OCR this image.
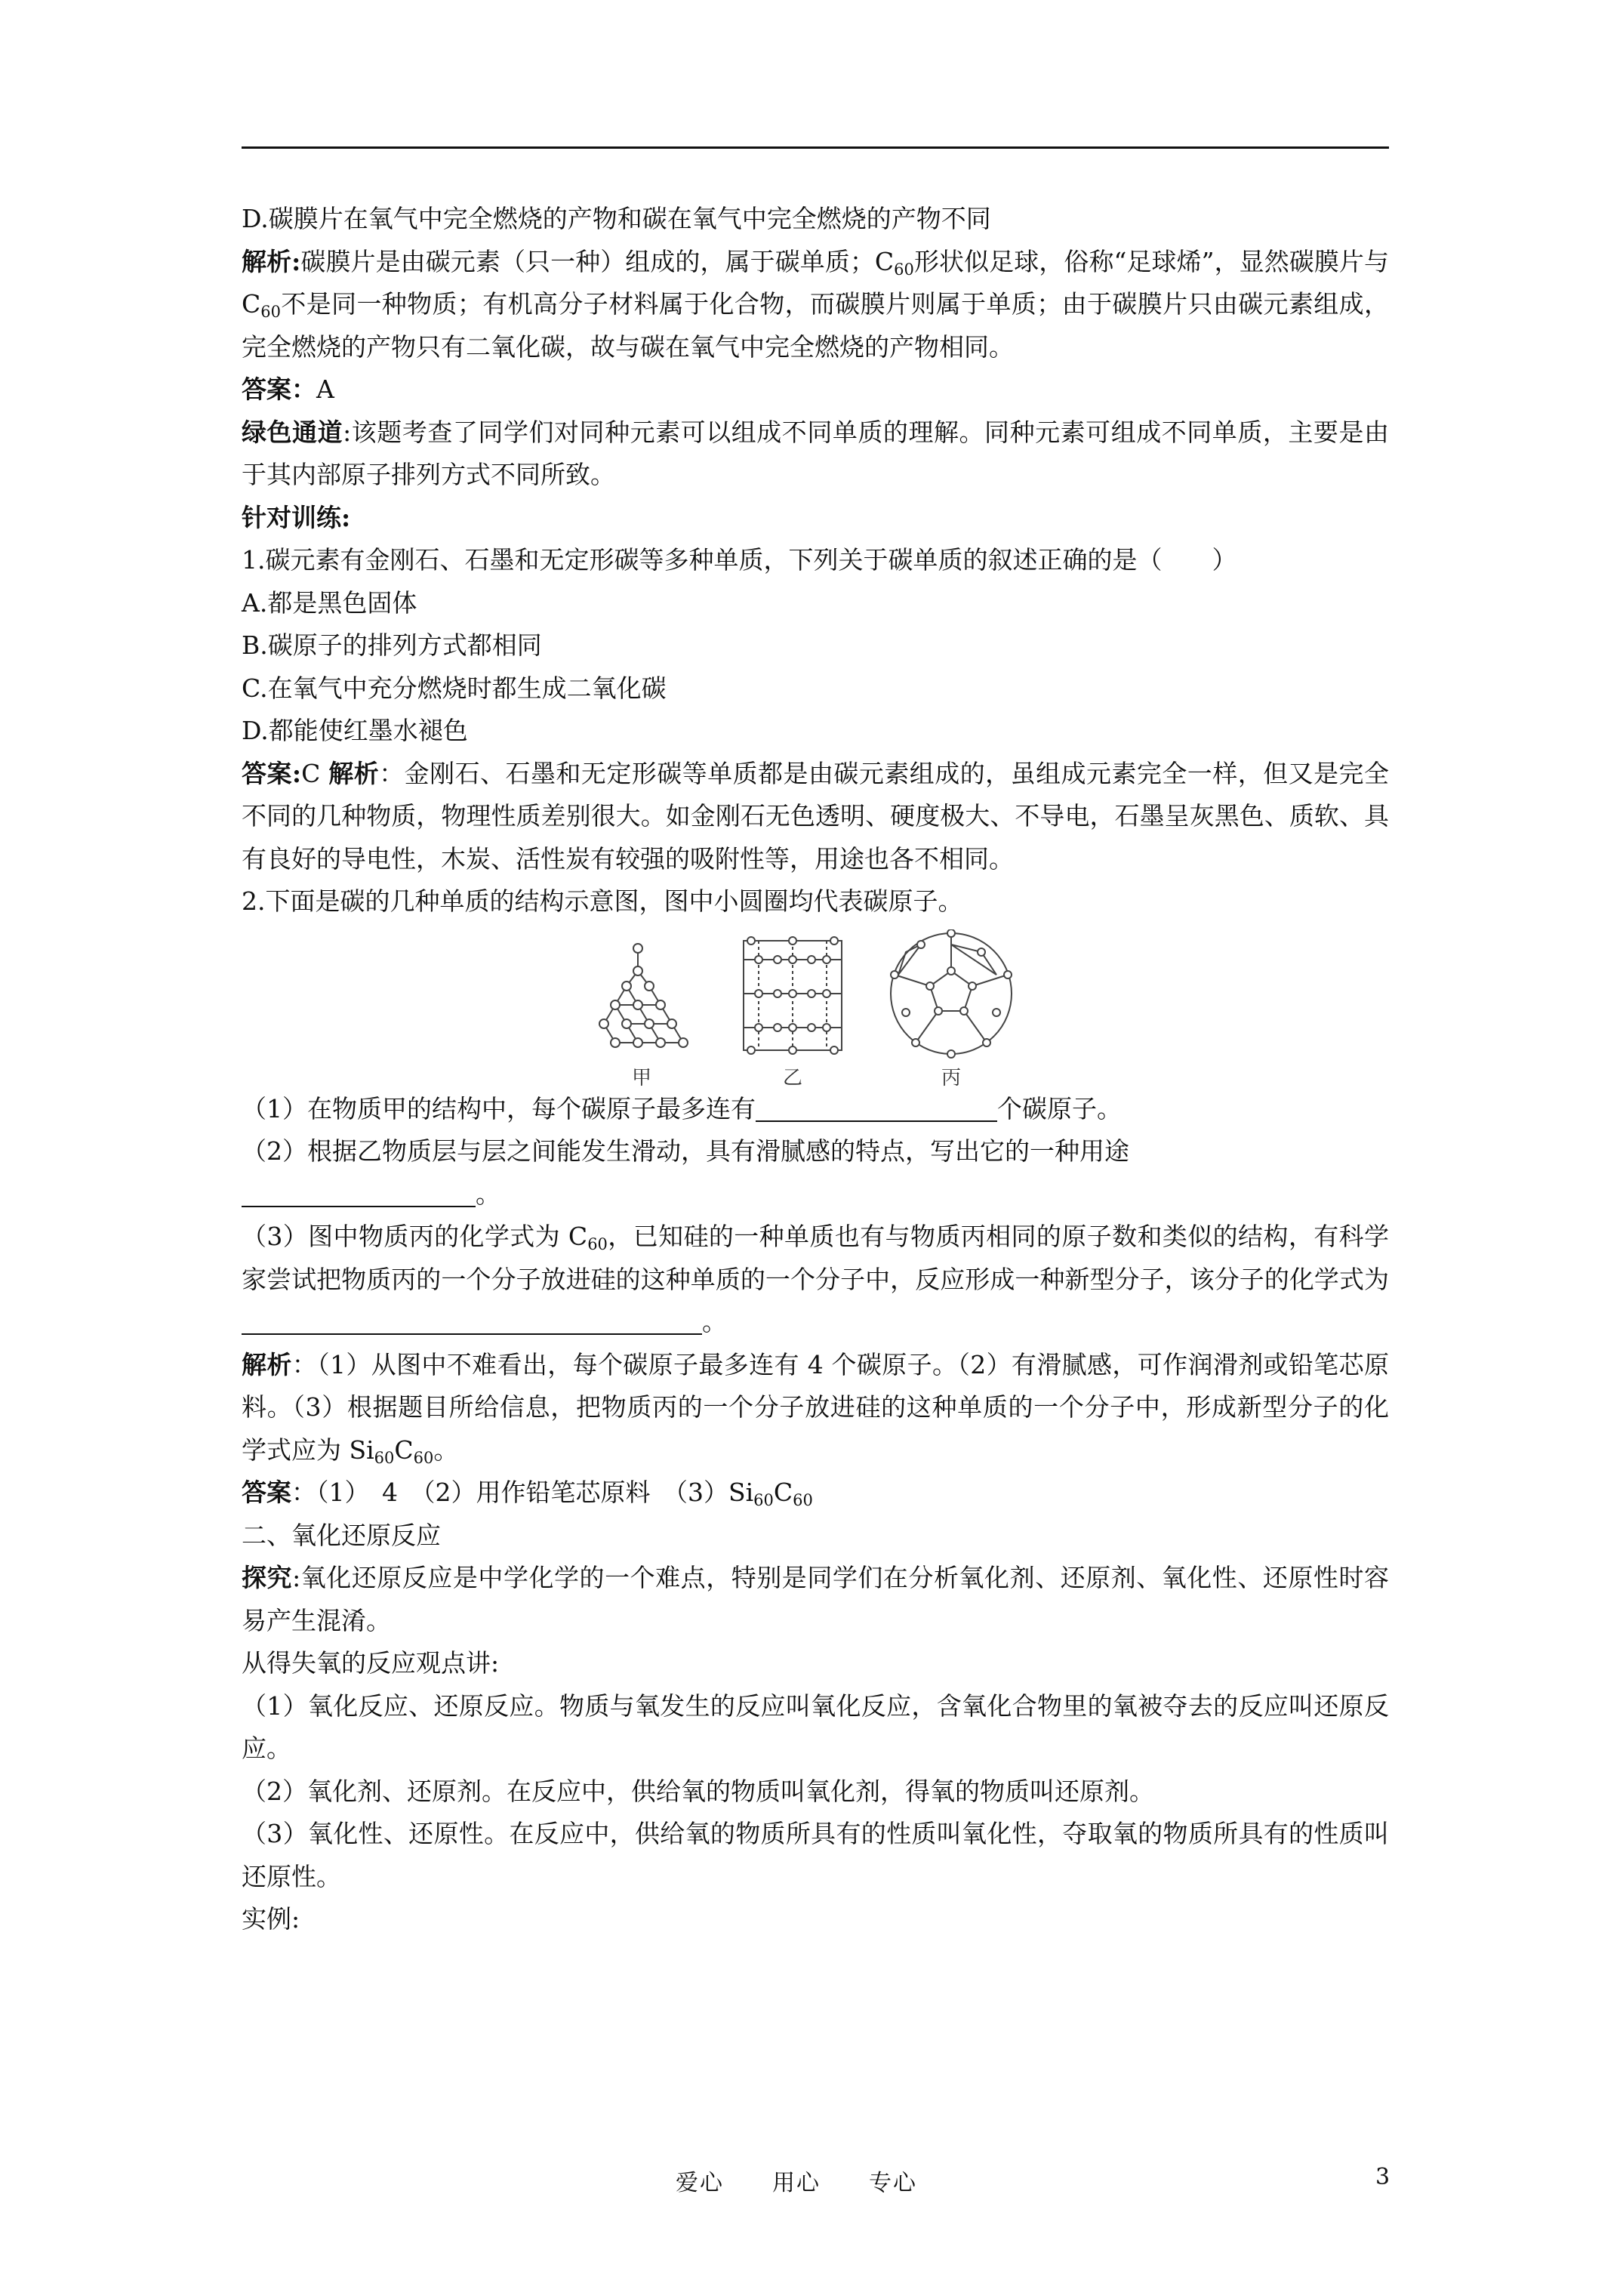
D.碳膜片在氧气中完全燃烧的产物和碳在氧气中完全燃烧的产物不同

解析:碳膜片是由碳元素（只一种）组成的，属于碳单质；$C_{60}$形状似足球，俗称“足球烯”，显然碳膜片与 $C_{60}$不是同一种物质；有机高分子材料属于化合物，而碳膜片则属于单质；由于碳膜片只由碳元素组成，完全燃烧的产物只有二氧化碳，故与碳在氧气中完全燃烧的产物相同。

答案：A

绿色通道:该题考查了同学们对同种元素可以组成不同单质的理解。同种元素可组成不同单质，主要是由于其内部原子排列方式不同所致。

针对训练:

1.碳元素有金刚石、石墨和无定形碳等多种单质，下列关于碳单质的叙述正确的是（　　）

A.都是黑色固体

B.碳原子的排列方式都相同

C.在氧气中充分燃烧时都生成二氧化碳

D.都能使红墨水褪色

答案:C 解析：金刚石、石墨和无定形碳等单质都是由碳元素组成的，虽组成元素完全一样，但又是完全不同的几种物质，物理性质差别很大。如金刚石无色透明、硬度极大、不导电，石墨呈灰黑色、质软、具有良好的导电性，木炭、活性炭有较强的吸附性等，用途也各不相同。

2.下面是碳的几种单质的结构示意图，图中小圆圈均代表碳原子。

甲	乙	丙

（1）在物质甲的结构中，每个碳原子最多连有	个碳原子。

（2）根据乙物质层与层之间能发生滑动，具有滑腻感的特点，写出它的一种用途
。

（3）图中物质丙的化学式为 $C_{60}$，已知硅的一种单质也有与物质丙相同的原子数和类似的结构，有科学家尝试把物质丙的一个分子放进硅的这种单质的一个分子中，反应形成一种新型分子，该分子的化学式为。

解析：（1）从图中不难看出，每个碳原子最多连有 4 个碳原子。（2）有滑腻感，可作润滑剂或铅笔芯原料。（3）根据题目所给信息，把物质丙的一个分子放进硅的这种单质的一个分子中，形成新型分子的化学式应为 $Si_{60}C_{60}$。

答案：（1）　4　（2）用作铅笔芯原料　$(3)Si_{60}C_{60}$

二、氧化还原反应

探究:氧化还原反应是中学化学的一个难点，特别是同学们在分析氧化剂、还原剂、氧化性、还原性时容易产生混淆。

从得失氧的反应观点讲:

（1）氧化反应、还原反应。物质与氧发生的反应叫氧化反应，含氧化合物里的氧被夺去的反应叫还原反应。

（2）氧化剂、还原剂。在反应中，供给氧的物质叫氧化剂，得氧的物质叫还原剂。

（3）氧化性、还原性。在反应中，供给氧的物质所具有的性质叫氧化性，夺取氧的物质所具有的性质叫还原性。

实例:

爱心　　用心　　专心	3
